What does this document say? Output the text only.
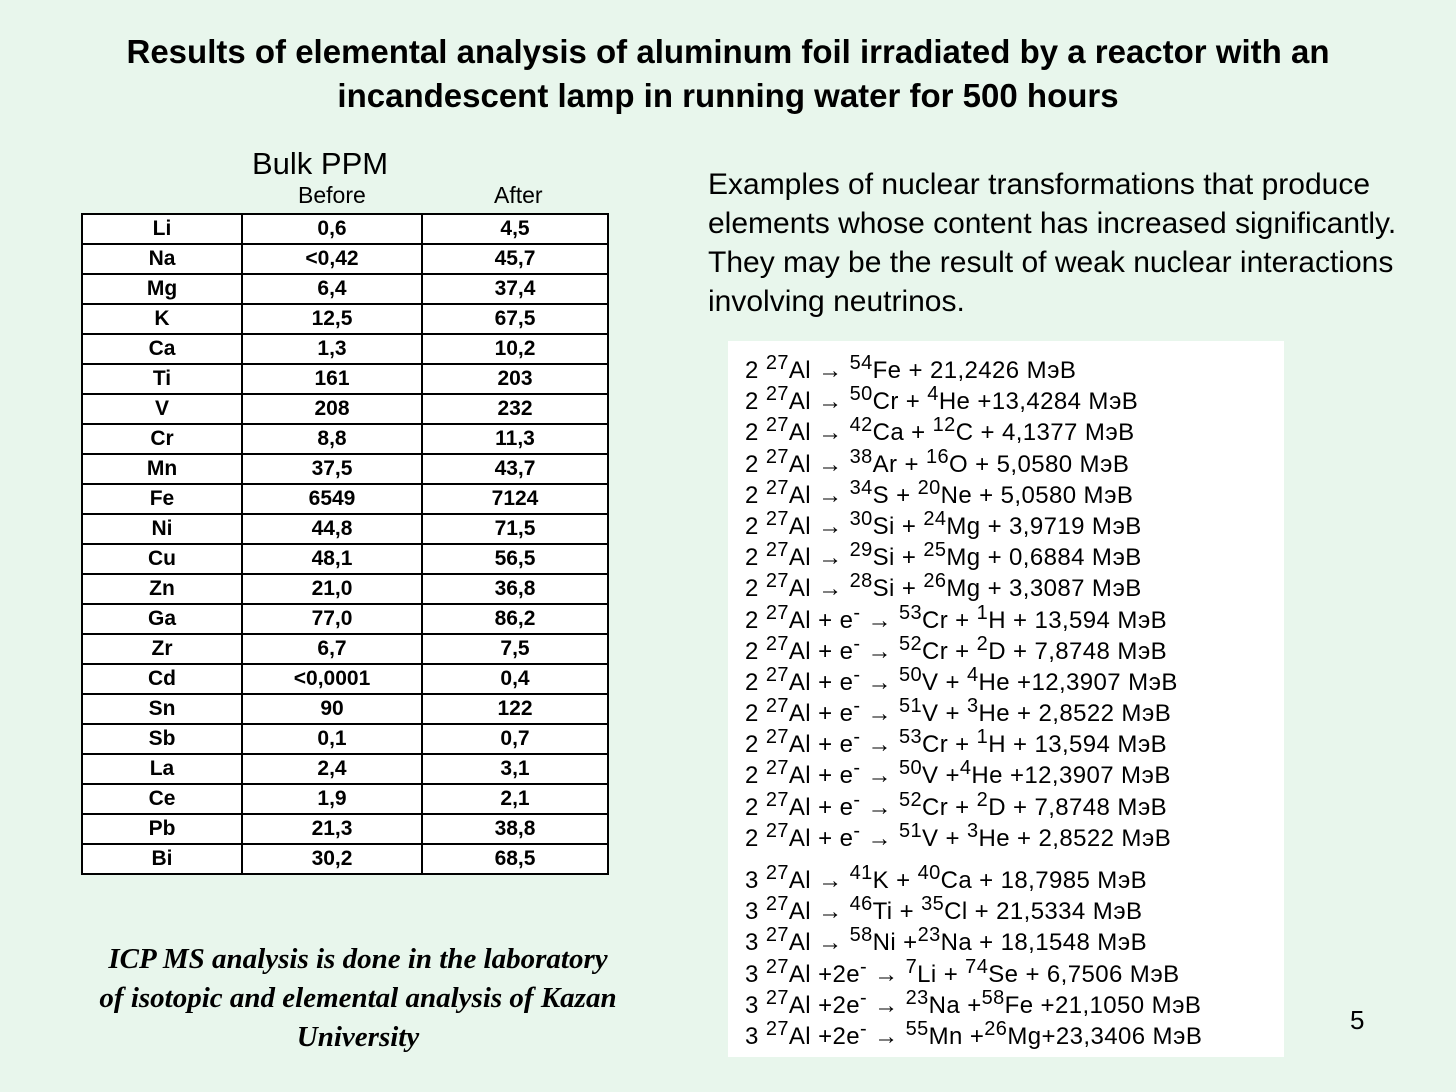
Results of elemental analysis of aluminum foil irradiated by a reactor with an incandescent lamp in running water for 500 hours
Bulk PPM
Before	After
Li	0,6	4,5
Na	<0,42	45,7
Mg	6,4	37,4
K	12,5	67,5
Ca	1,3	10,2
Ti	161	203
V	208	232
Cr	8,8	11,3
Mn	37,5	43,7
Fe	6549	7124
Ni	44,8	71,5
Cu	48,1	56,5
Zn	21,0	36,8
Ga	77,0	86,2
Zr	6,7	7,5
Cd	<0,0001	0,4
Sn	90	122
Sb	0,1	0,7
La	2,4	3,1
Ce	1,9	2,1
Pb	21,3	38,8
Bi	30,2	68,5
ICP MS analysis is done in the laboratory of isotopic and elemental analysis of Kazan University
Examples of nuclear transformations that produce elements whose content has increased significantly. They may be the result of weak nuclear interactions involving neutrinos.
2 $^{27}$Al → $^{54}$Fe + 21,2426 МэВ
2 $^{27}$Al → $^{50}$Cr + $^4$He +13,4284 МэВ
2 $^{27}$Al → $^{42}$Ca + $^{12}$C + 4,1377 МэВ
2 $^{27}$Al → $^{38}$Ar + $^{16}$O + 5,0580 МэВ
2 $^{27}$Al → $^{34}$S + $^{20}$Ne + 5,0580 МэВ
2 $^{27}$Al → $^{30}$Si + $^{24}$Mg + 3,9719 МэВ
2 $^{27}$Al → $^{29}$Si + $^{25}$Mg + 0,6884 МэВ
2 $^{27}$Al → $^{28}$Si + $^{26}$Mg + 3,3087 МэВ
2 $^{27}$Al + e- → $^{53}$Cr + $^1$H + 13,594 МэВ
2 $^{27}$Al + e- → $^{52}$Cr + $^2$D + 7,8748 МэВ
2 $^{27}$Al + e- → $^{50}$V + $^4$He +12,3907 МэВ
2 $^{27}$Al + e- → $^{51}$V + $^3$He + 2,8522 МэВ
2 $^{27}$Al + e- → $^{53}$Cr + $^1$H + 13,594 МэВ
2 $^{27}$Al + e- → $^{50}$V +$^4$He +12,3907 МэВ
2 $^{27}$Al + e- → $^{52}$Cr + $^2$D + 7,8748 МэВ
2 $^{27}$Al + e- → $^{51}$V + $^3$He + 2,8522 МэВ
3 $^{27}$Al → $^{41}$K + $^{40}$Ca + 18,7985 МэВ
3 $^{27}$Al → $^{46}$Ti + $^{35}$Cl + 21,5334 МэВ
3 $^{27}$Al → $^{58}$Ni +$^{23}$Na + 18,1548 МэВ
3 $^{27}$Al +2e- → $^7$Li + $^{74}$Se + 6,7506 МэВ
3 $^{27}$Al +2e- → $^{23}$Na +$^{58}$Fe +21,1050 МэВ
3 $^{27}$Al +2e- → $^{55}$Mn +$^{26}$Mg+23,3406 МэВ
5
